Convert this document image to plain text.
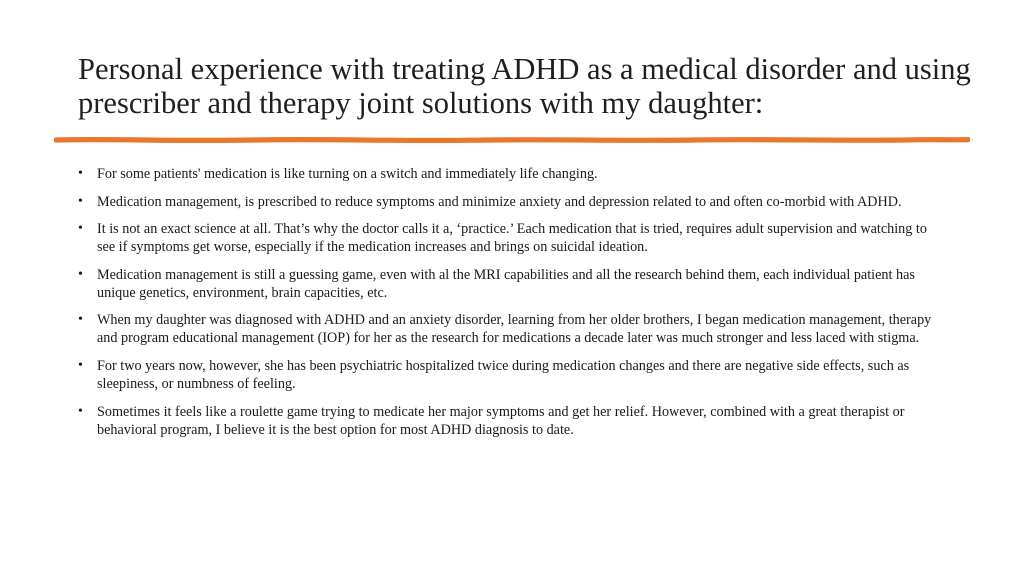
Personal experience with treating ADHD as a medical disorder and using prescriber and therapy joint solutions with my daughter:
• For some patients' medication is like turning on a switch and immediately life changing.
• Medication management, is prescribed to reduce symptoms and minimize anxiety and depression related to and often co-morbid with ADHD.
• It is not an exact science at all. That’s why the doctor calls it a, ‘practice.’ Each medication that is tried, requires adult supervision and watching to see if symptoms get worse, especially if the medication increases and brings on suicidal ideation.
• Medication management is still a guessing game, even with al the MRI capabilities and all the research behind them, each individual patient has unique genetics, environment, brain capacities, etc.
• When my daughter was diagnosed with ADHD and an anxiety disorder, learning from her older brothers, I began medication management, therapy and program educational management (IOP) for her as the research for medications a decade later was much stronger and less laced with stigma.
• For two years now, however, she has been psychiatric hospitalized twice during medication changes and there are negative side effects, such as sleepiness, or numbness of feeling.
• Sometimes it feels like a roulette game trying to medicate her major symptoms and get her relief. However, combined with a great therapist or behavioral program, I believe it is the best option for most ADHD diagnosis to date.
